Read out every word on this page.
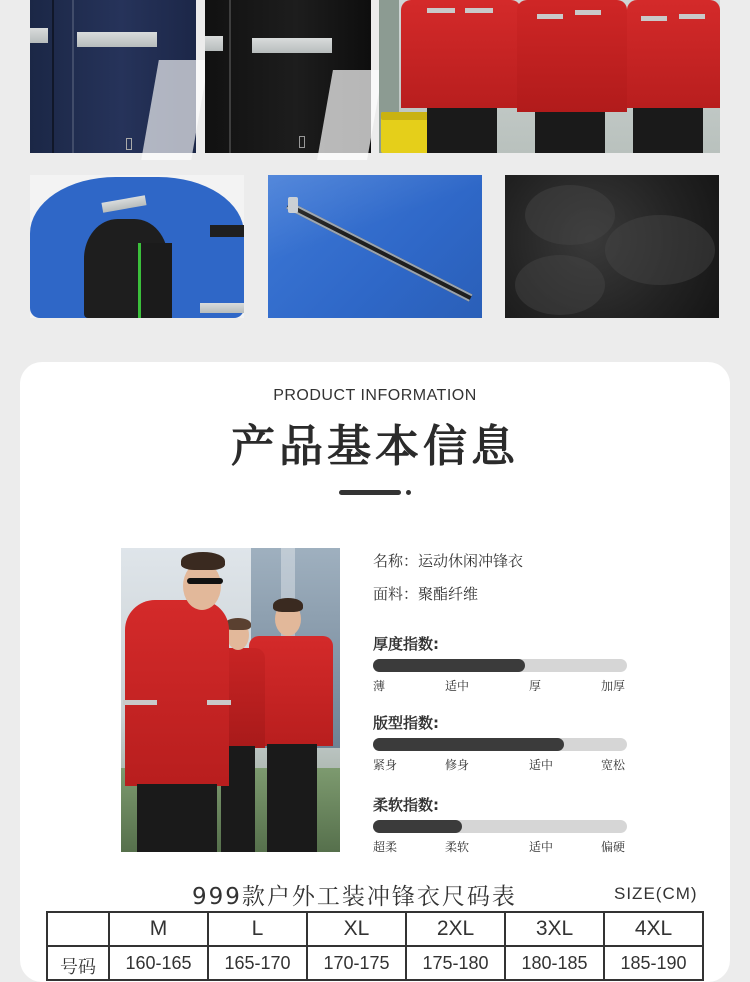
PRODUCT INFORMATION
产品基本信息
名称：运动休闲冲锋衣
面料：聚酯纤维
厚度指数:
薄	适中	厚	加厚
版型指数:
紧身	修身	适中	宽松
柔软指数:
超柔	柔软	适中	偏硬
999款户外工装冲锋衣尺码表	SIZE(CM)
	M	L	XL	2XL	3XL	4XL
号码	160-165	165-170	170-175	175-180	180-185	185-190
